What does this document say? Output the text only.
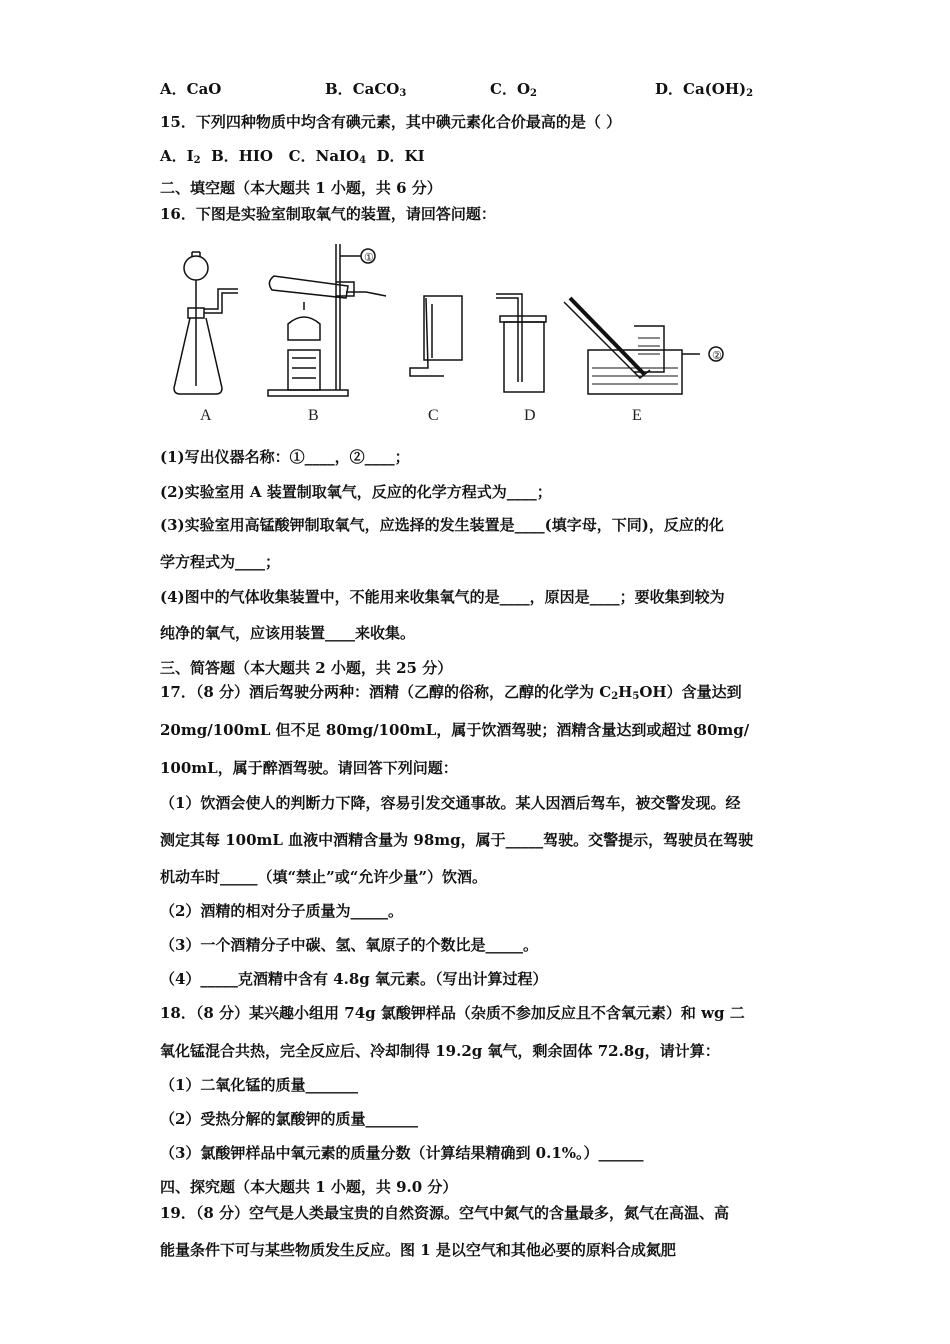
A．CaO	B．CaCO$_3$	C．$O_2$	D．$Ca(OH)_2$
15．下列四种物质中均含有碘元素，其中碘元素化合价最高的是（ ）
A．$I_2$  B．HIO   C．NaIO$_4$  D．KI
二、填空题（本大题共 1 小题，共 6 分）
16．下图是实验室制取氧气的装置，请回答问题：
①
②
A	B	C	D	E
(1)写出仪器名称：①____，②____；
(2)实验室用 A 装置制取氧气，反应的化学方程式为____；
(3)实验室用高锰酸钾制取氧气，应选择的发生装置是____(填字母，下同)，反应的化
学方程式为____；
(4)图中的气体收集装置中，不能用来收集氧气的是____，原因是____；要收集到较为
纯净的氧气，应该用装置____来收集。
三、简答题（本大题共 2 小题，共 25 分）
17．（8 分）酒后驾驶分两种：酒精（乙醇的俗称，乙醇的化学为 $C_2H_5OH$）含量达到
20mg/100mL 但不足 80mg/100mL，属于饮酒驾驶；酒精含量达到或超过 80mg/
100mL，属于醉酒驾驶。请回答下列问题：
（1）饮酒会使人的判断力下降，容易引发交通事故。某人因酒后驾车，被交警发现。经
测定其每 100mL 血液中酒精含量为 98mg，属于_____驾驶。交警提示，驾驶员在驾驶
机动车时_____（填“禁止”或“允许少量”）饮酒。
（2）酒精的相对分子质量为_____。
（3）一个酒精分子中碳、氢、氧原子的个数比是_____。
（4）_____克酒精中含有 4.8g 氧元素。（写出计算过程）
18．（8 分）某兴趣小组用 74g 氯酸钾样品（杂质不参加反应且不含氧元素）和 wg 二
氧化锰混合共热，完全反应后、冷却制得 19.2g 氧气，剩余固体 72.8g，请计算：
（1）二氧化锰的质量_______
（2）受热分解的氯酸钾的质量_______
（3）氯酸钾样品中氧元素的质量分数（计算结果精确到 0.1%。）______
四、探究题（本大题共 1 小题，共 9.0 分）
19．（8 分）空气是人类最宝贵的自然资源。空气中氮气的含量最多，氮气在高温、高
能量条件下可与某些物质发生反应。图 1 是以空气和其他必要的原料合成氮肥
